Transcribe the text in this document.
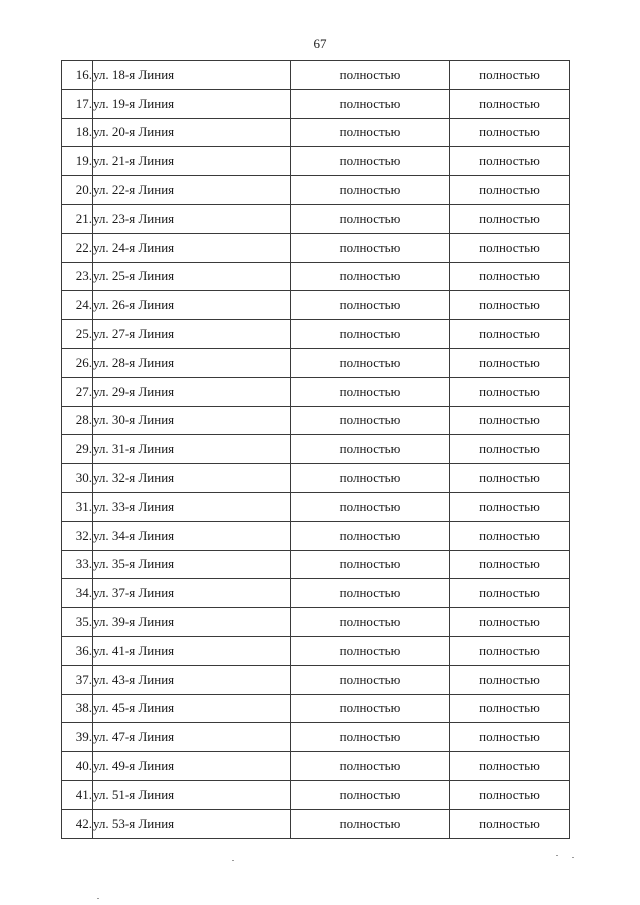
67
16.	ул. 18-я Линия	полностью	полностью
17.	ул. 19-я Линия	полностью	полностью
18.	ул. 20-я Линия	полностью	полностью
19.	ул. 21-я Линия	полностью	полностью
20.	ул. 22-я Линия	полностью	полностью
21.	ул. 23-я Линия	полностью	полностью
22.	ул. 24-я Линия	полностью	полностью
23.	ул. 25-я Линия	полностью	полностью
24.	ул. 26-я Линия	полностью	полностью
25.	ул. 27-я Линия	полностью	полностью
26.	ул. 28-я Линия	полностью	полностью
27.	ул. 29-я Линия	полностью	полностью
28.	ул. 30-я Линия	полностью	полностью
29.	ул. 31-я Линия	полностью	полностью
30.	ул. 32-я Линия	полностью	полностью
31.	ул. 33-я Линия	полностью	полностью
32.	ул. 34-я Линия	полностью	полностью
33.	ул. 35-я Линия	полностью	полностью
34.	ул. 37-я Линия	полностью	полностью
35.	ул. 39-я Линия	полностью	полностью
36.	ул. 41-я Линия	полностью	полностью
37.	ул. 43-я Линия	полностью	полностью
38.	ул. 45-я Линия	полностью	полностью
39.	ул. 47-я Линия	полностью	полностью
40.	ул. 49-я Линия	полностью	полностью
41.	ул. 51-я Линия	полностью	полностью
42.	ул. 53-я Линия	полностью	полностью
